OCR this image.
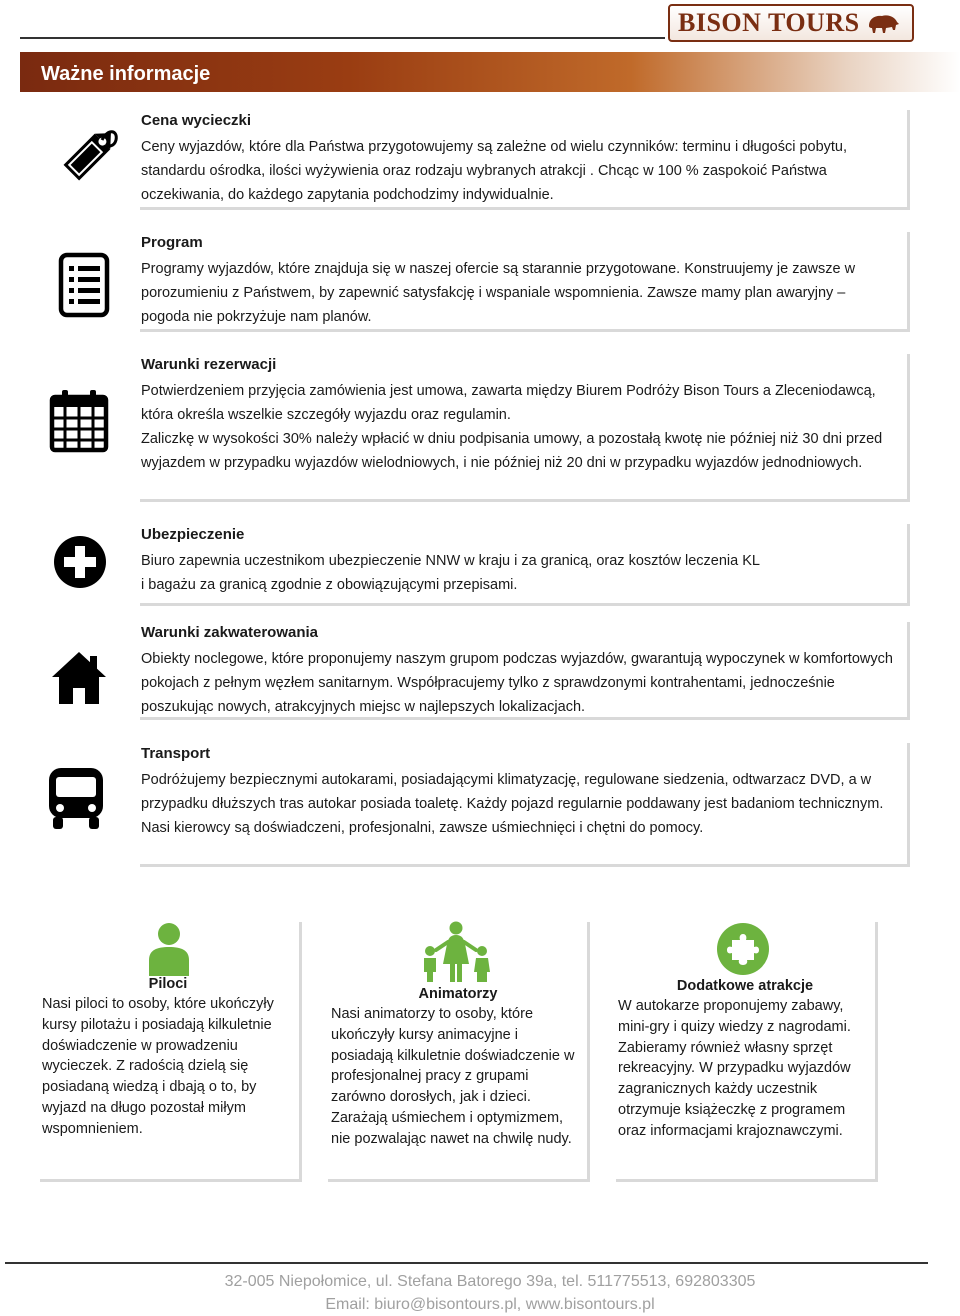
BISON TOURS
Ważne informacje
Cena wycieczki
Ceny wyjazdów, które dla Państwa przygotowujemy są zależne od wielu czynników: terminu i długości pobytu, standardu ośrodka, ilości wyżywienia oraz rodzaju wybranych atrakcji . Chcąc w 100 % zaspokoić Państwa oczekiwania, do każdego zapytania podchodzimy indywidualnie.
Program
Programy wyjazdów, które znajduja się w naszej ofercie są starannie przygotowane. Konstruujemy je zawsze w porozumieniu z Państwem, by zapewnić satysfakcję i wspaniale wspomnienia. Zawsze mamy plan awaryjny – pogoda nie pokrzyżuje nam planów.
Warunki rezerwacji
Potwierdzeniem przyjęcia zamówienia jest umowa, zawarta między Biurem Podróży Bison Tours a Zleceniodawcą, która określa wszelkie szczegóły wyjazdu oraz regulamin.
Zaliczkę w wysokości 30% należy wpłacić w dniu podpisania umowy, a pozostałą kwotę nie później niż 30 dni przed wyjazdem w przypadku wyjazdów wielodniowych, i nie później niż 20 dni w przypadku wyjazdów jednodniowych.
Ubezpieczenie
Biuro zapewnia uczestnikom ubezpieczenie NNW w kraju i za granicą, oraz kosztów leczenia KL
i bagażu za granicą zgodnie z obowiązującymi przepisami.
Warunki zakwaterowania
Obiekty noclegowe, które proponujemy naszym grupom podczas wyjazdów, gwarantują wypoczynek w komfortowych pokojach z pełnym węzłem sanitarnym. Współpracujemy tylko z sprawdzonymi kontrahentami, jednocześnie poszukując nowych, atrakcyjnych miejsc w najlepszych lokalizacjach.
Transport
Podróżujemy bezpiecznymi autokarami, posiadającymi klimatyzację, regulowane siedzenia, odtwarzacz DVD, a w przypadku dłuższych tras autokar posiada toaletę. Każdy pojazd regularnie poddawany jest badaniom technicznym. Nasi kierowcy są doświadczeni, profesjonalni, zawsze uśmiechnięci i chętni do pomocy.
Piloci
Nasi piloci to osoby, które ukończyły kursy pilotażu i posiadają kilkuletnie doświadczenie w prowadzeniu wycieczek. Z radością dzielą się posiadaną wiedzą i dbają o to, by wyjazd na długo pozostał miłym wspomnieniem.
Animatorzy
Nasi animatorzy to osoby, które ukończyły kursy animacyjne i posiadają kilkuletnie doświadczenie w profesjonalnej pracy z grupami zarówno dorosłych, jak i dzieci. Zarażają uśmiechem i optymizmem, nie pozwalając nawet na chwilę nudy.
Dodatkowe atrakcje
W autokarze proponujemy zabawy, mini-gry i quizy wiedzy z nagrodami. Zabieramy również własny sprzęt rekreacyjny. W przypadku wyjazdów zagranicznych każdy uczestnik otrzymuje książeczkę z programem oraz informacjami krajoznawczymi.
32-005 Niepołomice, ul. Stefana Batorego 39a, tel. 511775513, 692803305
Email: biuro@bisontours.pl, www.bisontours.pl
